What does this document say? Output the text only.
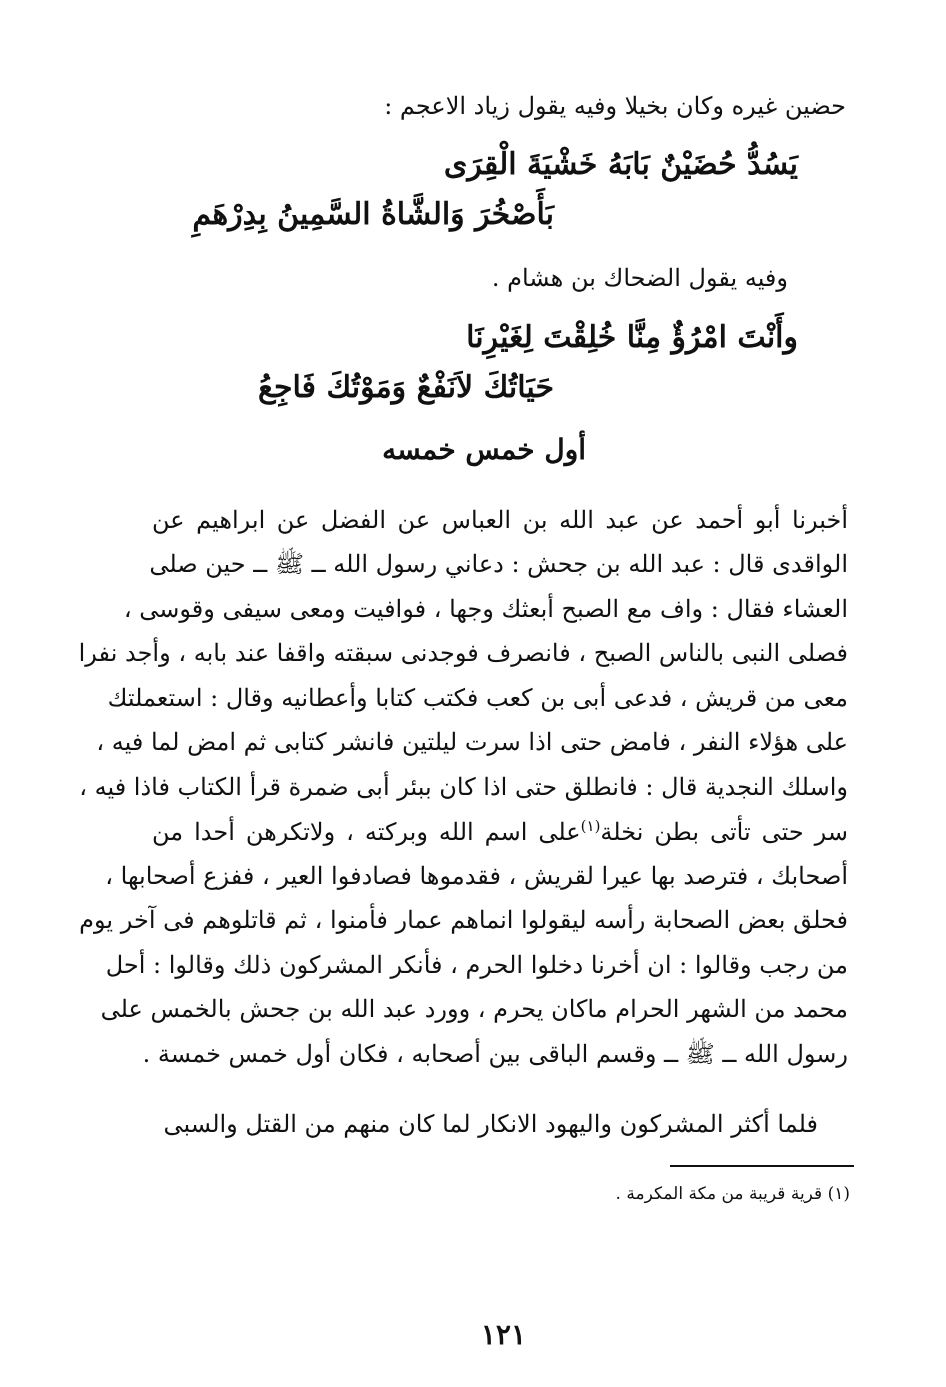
حضين غيره وكان بخيلا وفيه يقول زياد الاعجم :
يَسُدُّ حُضَيْنٌ بَابَهُ خَشْيَةَ الْقِرَى
بَأَصْخُرَ وَالشَّاةُ السَّمِينُ بِدِرْهَمِ
وفيه يقول الضحاك بن هشام .
وأَنْتَ امْرُؤٌ مِنَّا خُلِقْتَ لِغَيْرِنَا
حَيَاتُكَ لاَنَفْعٌ وَمَوْتُكَ فَاجِعُ
أول خمس خمسه
أخبرنا أبو أحمد عن عبد الله بن العباس عن الفضل عن ابراهيم عن
الواقدى قال : عبد الله بن جحش : دعاني رسول الله ــ ﷺ ــ حين صلى
العشاء فقال : واف مع الصبح أبعثك وجها ، فوافيت ومعى سيفى وقوسى ،
فصلى النبى بالناس الصبح ، فانصرف فوجدنى سبقته واقفا عند بابه ، وأجد نفرا
معى من قريش ، فدعى أبى بن كعب فكتب كتابا وأعطانيه وقال : استعملتك
على هؤلاء النفر ، فامض حتى اذا سرت ليلتين فانشر كتابى ثم امض لما فيه ،
واسلك النجدية قال : فانطلق حتى اذا كان ببئر أبى ضمرة قرأ الكتاب فاذا فيه ،
سر حتى تأتى بطن نخلة$^{(١)}$على اسم الله وبركته ، ولاتكرهن أحدا من
أصحابك ، فترصد بها عيرا لقريش ، فقدموها فصادفوا العير ، ففزع أصحابها ،
فحلق بعض الصحابة رأسه ليقولوا انماهم عمار فأمنوا ، ثم قاتلوهم فى آخر يوم
من رجب وقالوا : ان أخرنا دخلوا الحرم ، فأنكر المشركون ذلك وقالوا : أحل
محمد من الشهر الحرام ماكان يحرم ، وورد عبد الله بن جحش بالخمس على
رسول الله ــ ﷺ ــ وقسم الباقى بين أصحابه ، فكان أول خمس خمسة .
فلما أكثر المشركون واليهود الانكار لما كان منهم من القتل والسبى
(١) قرية قريبة من مكة المكرمة .
١٢١
